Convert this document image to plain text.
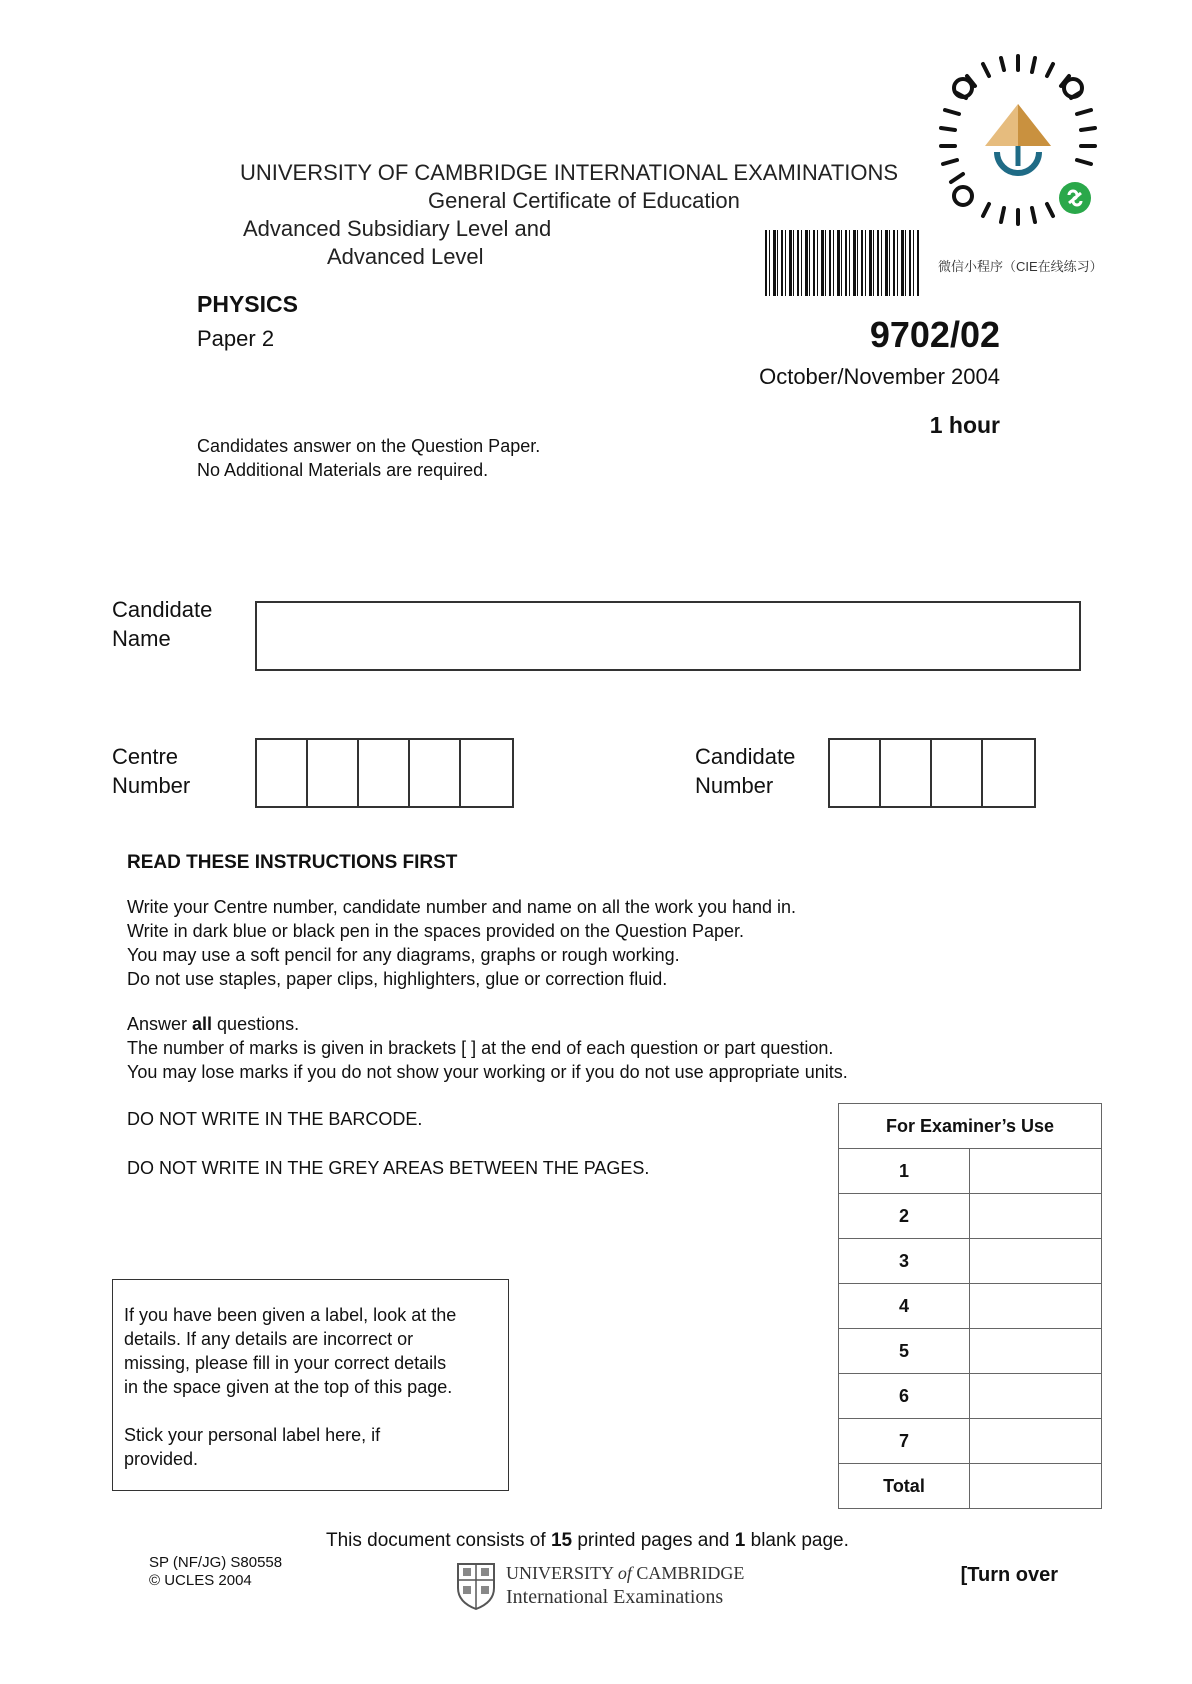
UNIVERSITY OF CAMBRIDGE INTERNATIONAL EXAMINATIONS
General Certificate of Education
Advanced Subsidiary Level and
Advanced Level	微信小程序（CIE在线练习）
PHYSICS
Paper 2	9702/02
October/November 2004
1 hour
Candidates answer on the Question Paper.
No Additional Materials are required.
Candidate
Name
Centre
Number
Candidate
Number
READ THESE INSTRUCTIONS FIRST
Write your Centre number, candidate number and name on all the work you hand in.
Write in dark blue or black pen in the spaces provided on the Question Paper.
You may use a soft pencil for any diagrams, graphs or rough working.
Do not use staples, paper clips, highlighters, glue or correction fluid.
Answer all questions.
The number of marks is given in brackets [ ] at the end of each question or part question.
You may lose marks if you do not show your working or if you do not use appropriate units.
DO NOT WRITE IN THE BARCODE.
DO NOT WRITE IN THE GREY AREAS BETWEEN THE PAGES.
If you have been given a label, look at the
details. If any details are incorrect or
missing, please fill in your correct details
in the space given at the top of this page.
Stick your personal label here, if
provided.
For Examiner’s Use	
1	
2	
3	
4	
5	
6	
7	
Total	
This document consists of 15 printed pages and 1 blank page.
SP (NF/JG) S80558
© UCLES 2004	UNIVERSITY of CAMBRIDGE
International Examinations
[Turn over
